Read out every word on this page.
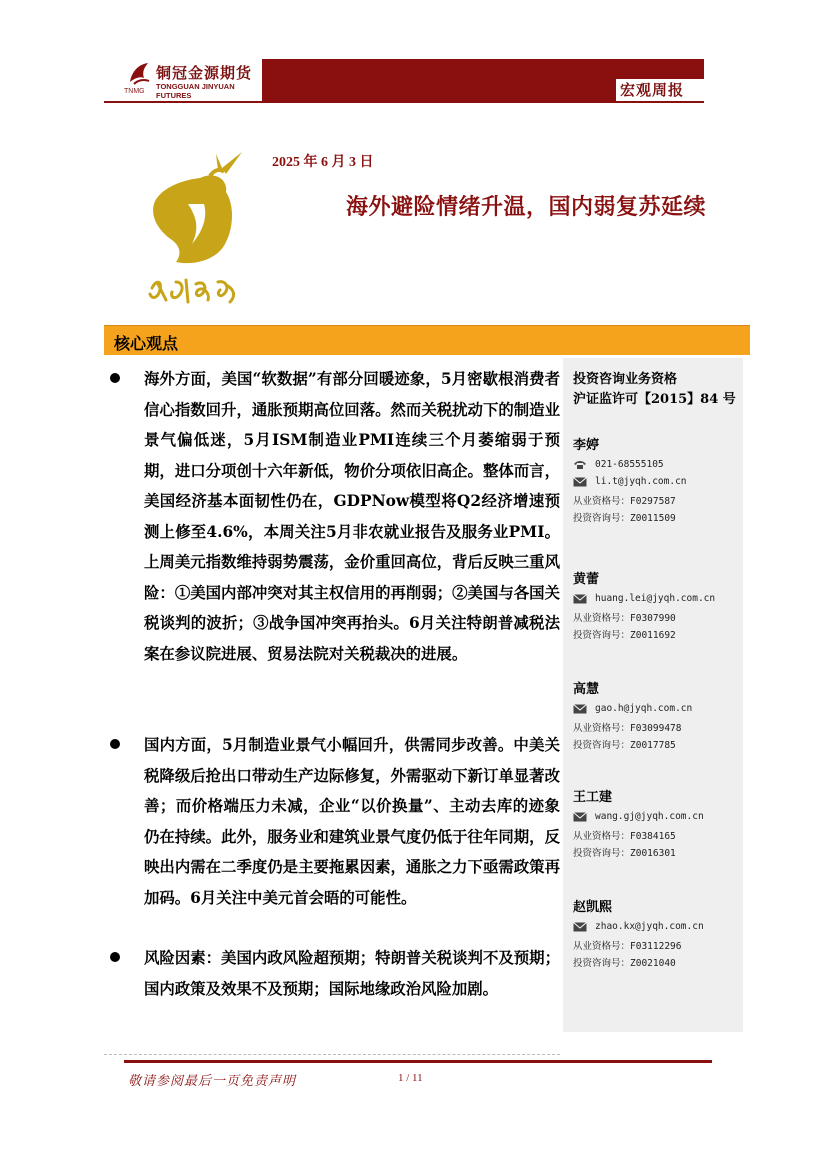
TNMG
铜冠金源期货
TONGGUAN JINYUAN FUTURES	宏观周报
2025 年 6 月 3 日
海外避险情绪升温，国内弱复苏延续
核心观点
海外方面，美国“软数据”有部分回暖迹象，5月密歇根消费者信心指数回升，通胀预期高位回落。然而关税扰动下的制造业景气偏低迷，5月ISM制造业PMI连续三个月萎缩弱于预期，进口分项创十六年新低，物价分项依旧高企。整体而言，美国经济基本面韧性仍在，GDPNow模型将Q2经济增速预测上修至4.6%，本周关注5月非农就业报告及服务业PMI。上周美元指数维持弱势震荡，金价重回高位，背后反映三重风险：①美国内部冲突对其主权信用的再削弱；②美国与各国关税谈判的波折；③战争国冲突再抬头。6月关注特朗普减税法案在参议院进展、贸易法院对关税裁决的进展。
国内方面，5月制造业景气小幅回升，供需同步改善。中美关税降级后抢出口带动生产边际修复，外需驱动下新订单显著改善；而价格端压力未减，企业“以价换量”、主动去库的迹象仍在持续。此外，服务业和建筑业景气度仍低于往年同期，反映出内需在二季度仍是主要拖累因素，通胀之力下亟需政策再加码。6月关注中美元首会晤的可能性。
风险因素：美国内政风险超预期；特朗普关税谈判不及预期；国内政策及效果不及预期；国际地缘政治风险加剧。
投资咨询业务资格
沪证监许可【2015】84 号
李婷
021-68555105
li.t@jyqh.com.cn
从业资格号：F0297587
投资咨询号：Z0011509
黄蕾
huang.lei@jyqh.com.cn
从业资格号：F0307990
投资咨询号：Z0011692
高慧
gao.h@jyqh.com.cn
从业资格号：F03099478
投资咨询号：Z0017785
王工建
wang.gj@jyqh.com.cn
从业资格号：F0384165
投资咨询号：Z0016301
赵凯熙
zhao.kx@jyqh.com.cn
从业资格号：F03112296
投资咨询号：Z0021040
敬请参阅最后一页免责声明	1 / 11
